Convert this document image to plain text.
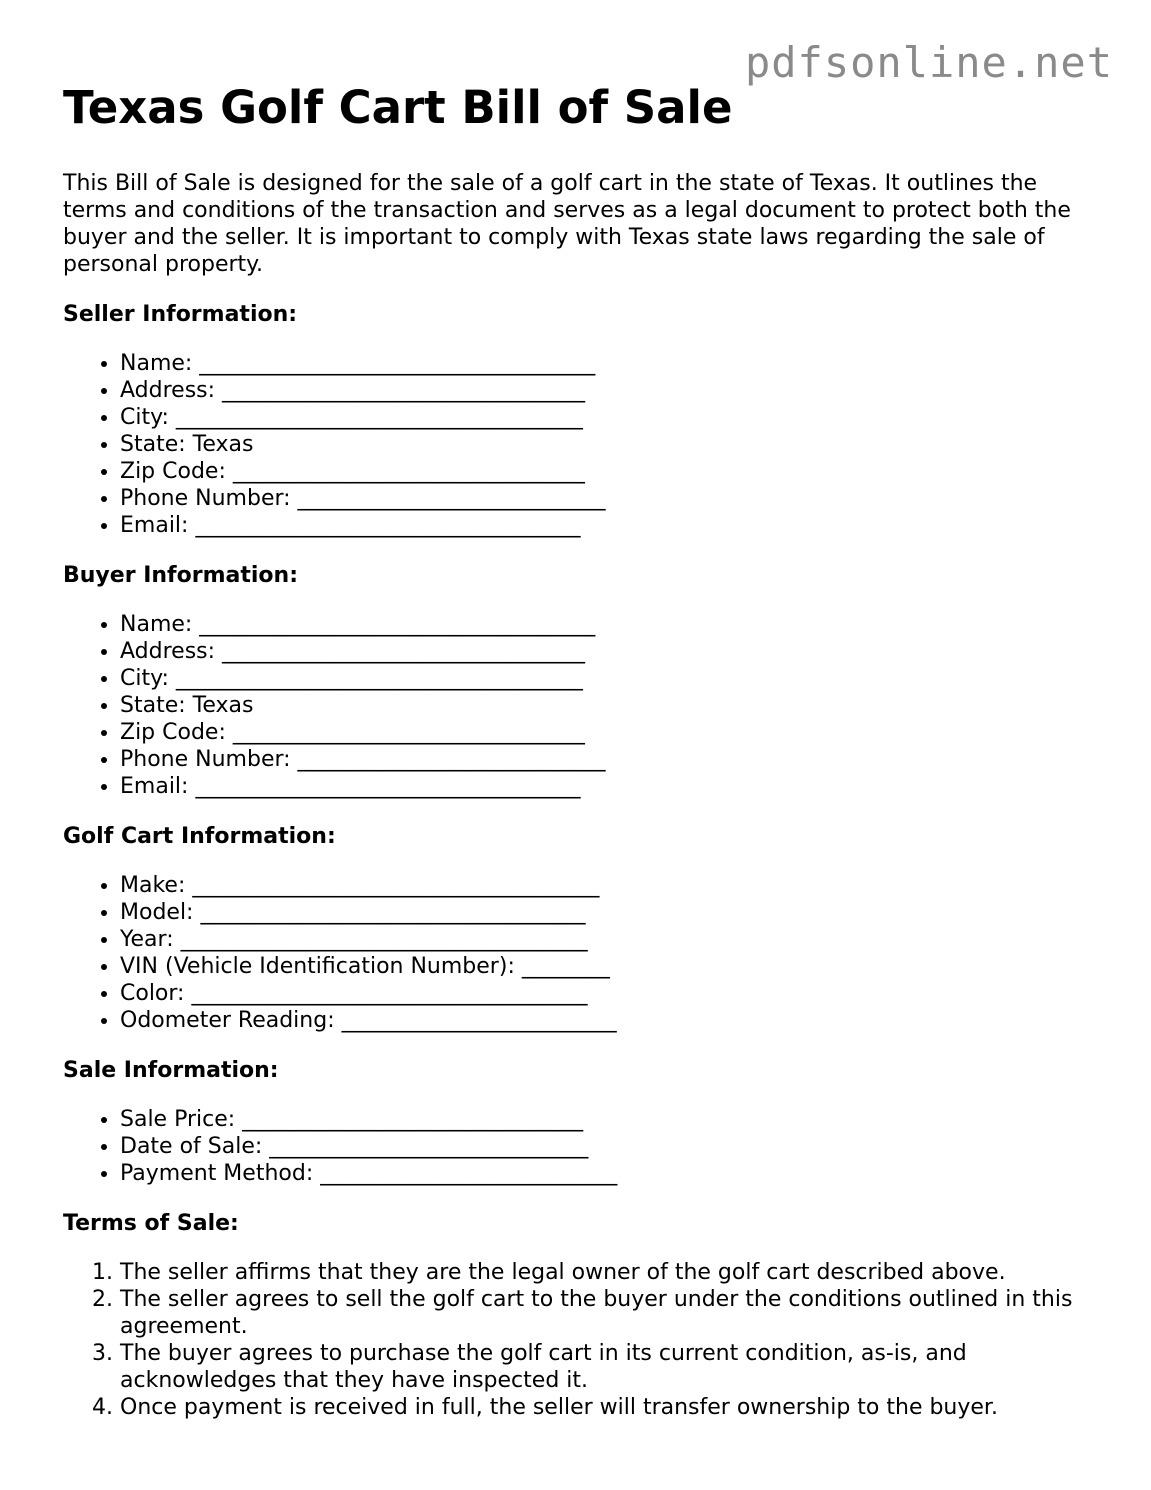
pdfsonline.net
Texas Golf Cart Bill of Sale

This Bill of Sale is designed for the sale of a golf cart in the state of Texas. It outlines the terms and conditions of the transaction and serves as a legal document to protect both the buyer and the seller. It is important to comply with Texas state laws regarding the sale of personal property.

Seller Information:
• Name: ____________________________________
• Address: _________________________________
• City: _____________________________________
• State: Texas
• Zip Code: ________________________________
• Phone Number: ____________________________
• Email: ___________________________________
Buyer Information:
• Name: ____________________________________
• Address: _________________________________
• City: _____________________________________
• State: Texas
• Zip Code: ________________________________
• Phone Number: ____________________________
• Email: ___________________________________
Golf Cart Information:
• Make: _____________________________________
• Model: ___________________________________
• Year: _____________________________________
• VIN (Vehicle Identification Number): ________
• Color: ____________________________________
• Odometer Reading: _________________________
Sale Information:
• Sale Price: _______________________________
• Date of Sale: _____________________________
• Payment Method: ___________________________
Terms of Sale:
1. The seller affirms that they are the legal owner of the golf cart described above.
2. The seller agrees to sell the golf cart to the buyer under the conditions outlined in this agreement.
3. The buyer agrees to purchase the golf cart in its current condition, as-is, and acknowledges that they have inspected it.
4. Once payment is received in full, the seller will transfer ownership to the buyer.
